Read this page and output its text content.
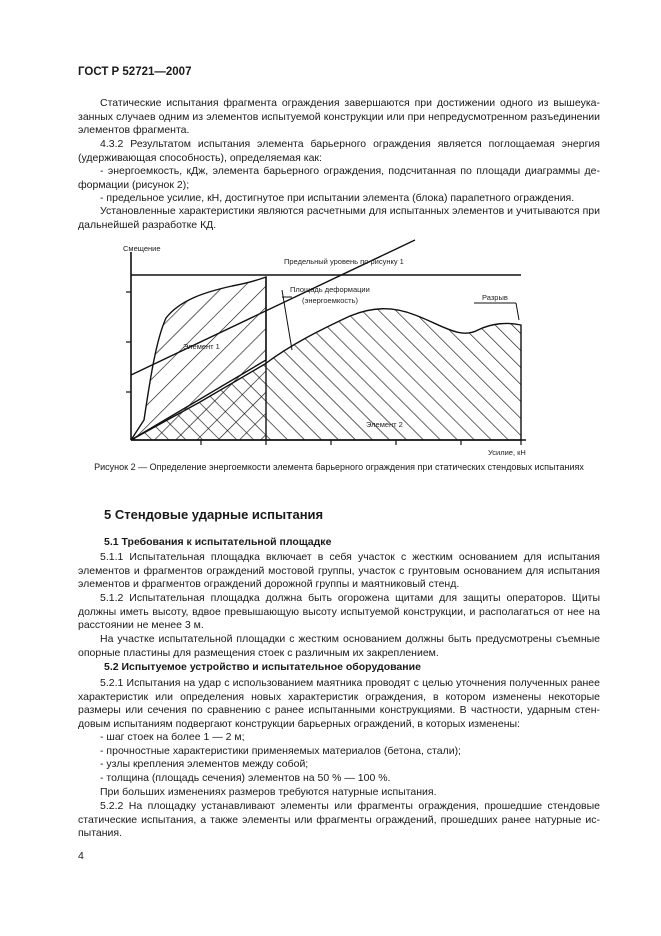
ГОСТ Р 52721—2007

Статические испытания фрагмента ограждения завершаются при достижении одного из вышеуказанных случаев одним из элементов испытуемой конструкции или при непредусмотренном разъединении элементов фрагмента.

4.3.2 Результатом испытания элемента барьерного ограждения является поглощаемая энергия (удерживающая способность), определяемая как:

- энергоемкость, кДж, элемента барьерного ограждения, подсчитанная по площади диаграммы деформации (рисунок 2);

- предельное усилие, кН, достигнутое при испытании элемента (блока) парапетного ограждения.

Установленные характеристики являются расчетными для испытанных элементов и учитываются при дальнейшей разработке КД.

Смещение
Усилие, кН
Предельный уровень по рисунку 1
Площадь деформации
(энергоемкость)	Разрыв
Элемент 1
Элемент 2
Рисунок 2 — Определение энергоемкости элемента барьерного ограждения при статических стендовых испытаниях
5 Стендовые ударные испытания
5.1 Требования к испытательной площадке

5.1.1 Испытательная площадка включает в себя участок с жестким основанием для испытания элементов и фрагментов ограждений мостовой группы, участок с грунтовым основанием для испытания элементов и фрагментов ограждений дорожной группы и маятниковый стенд.

5.1.2 Испытательная площадка должна быть огорожена щитами для защиты операторов. Щиты должны иметь высоту, вдвое превышающую высоту испытуемой конструкции, и располагаться от нее на расстоянии не менее 3 м.

На участке испытательной площадки с жестким основанием должны быть предусмотрены съемные опорные пластины для размещения стоек с различным их закреплением.

5.2 Испытуемое устройство и испытательное оборудование

5.2.1 Испытания на удар с использованием маятника проводят с целью уточнения полученных ранее характеристик или определения новых характеристик ограждения, в котором изменены некоторые размеры или сечения по сравнению с ранее испытанными конструкциями. В частности, ударным стендовым испытаниям подвергают конструкции барьерных ограждений, в которых изменены:

- шаг стоек на более 1 — 2 м;

- прочностные характеристики применяемых материалов (бетона, стали);

- узлы крепления элементов между собой;

- толщина (площадь сечения) элементов на 50 % — 100 %.

При больших изменениях размеров требуются натурные испытания.

5.2.2 На площадку устанавливают элементы или фрагменты ограждения, прошедшие стендовые статические испытания, а также элементы или фрагменты ограждений, прошедших ранее натурные испытания.

4
